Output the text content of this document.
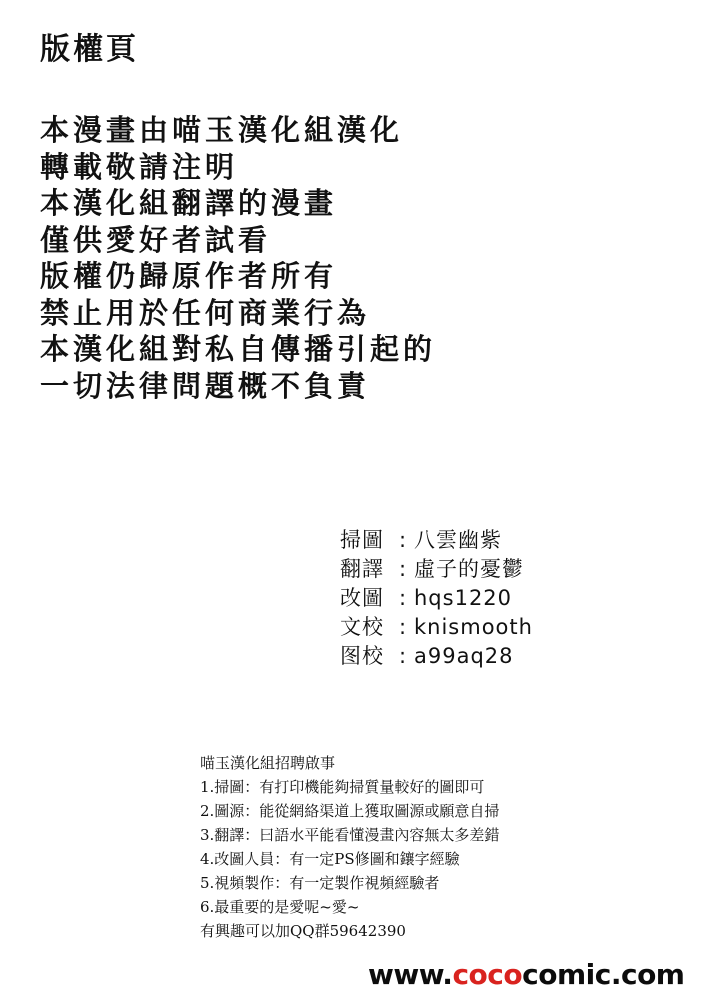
版權頁
本漫畫由喵玉漢化組漢化
轉載敬請注明
本漢化組翻譯的漫畫
僅供愛好者試看
版權仍歸原作者所有
禁止用於任何商業行為
本漢化組對私自傳播引起的
一切法律問題概不負責
掃圖 : 八雲幽紫
翻譯 : 虛子的憂鬱
改圖 : hqs1220
文校 : knismooth
图校 : a99aq28
喵玉漢化組招聘啟事
1.掃圖：有打印機能夠掃質量較好的圖即可
2.圖源：能從網絡渠道上獲取圖源或願意自掃
3.翻譯：曰語水平能看懂漫畫內容無太多差錯
4.改圖人員：有一定PS修圖和鑲字經驗
5.視頻製作：有一定製作視頻經驗者
6.最重要的是愛呢~愛~
有興趣可以加QQ群59642390
www.cococomic.com
